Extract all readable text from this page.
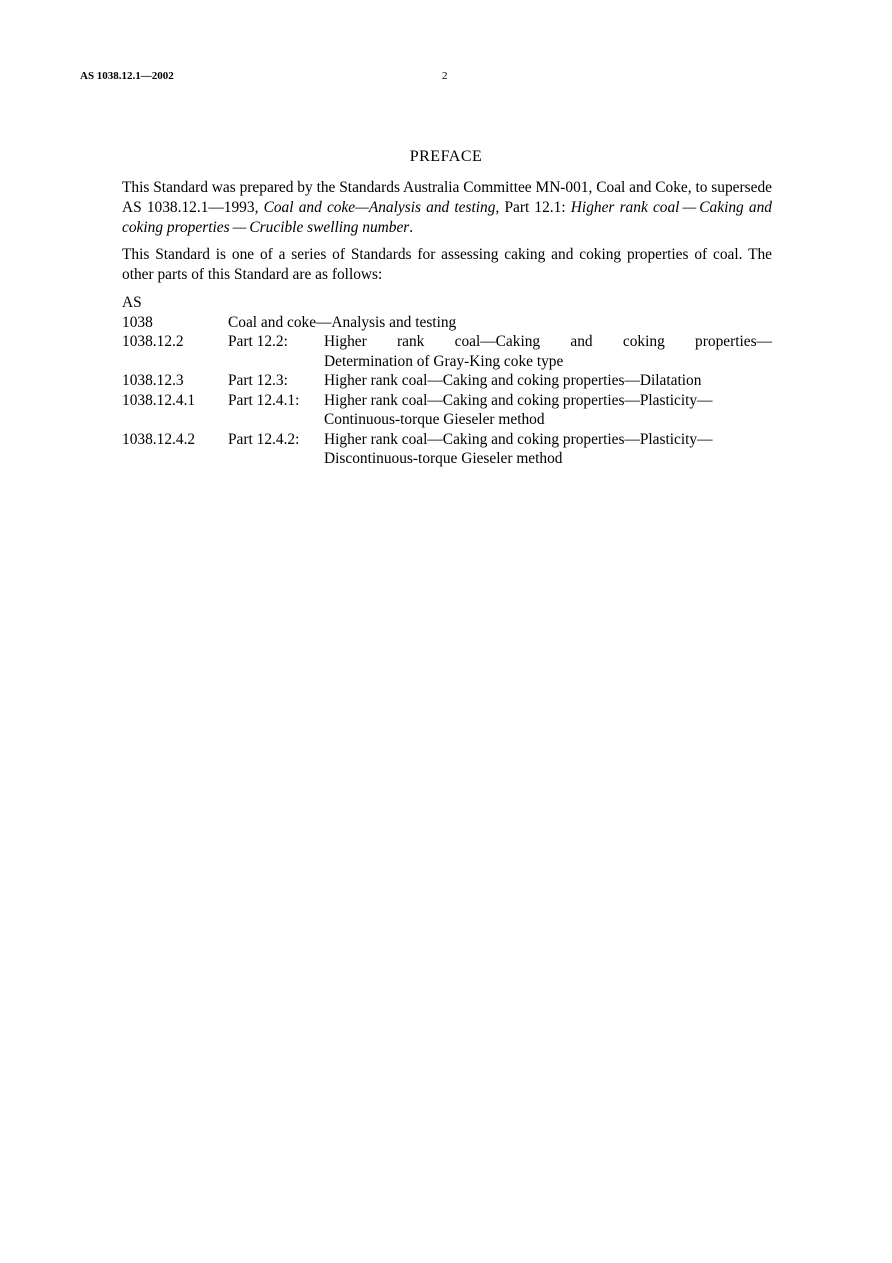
AS 1038.12.1—2002	2
PREFACE
This Standard was prepared by the Standards Australia Committee MN-001, Coal and Coke, to supersede AS 1038.12.1—1993, Coal and coke—Analysis and testing, Part 12.1: Higher rank coal — Caking and coking properties — Crucible swelling number.
This Standard is one of a series of Standards for assessing caking and coking properties of coal. The other parts of this Standard are as follows:
AS		
1038	Coal and coke—Analysis and testing	
1038.12.2	Part 12.2:	Higher rank coal—Caking and coking properties—
Determination of Gray-King coke type

1038.12.3	Part 12.3:	Higher rank coal—Caking and coking properties—Dilatation

1038.12.4.1	Part 12.4.1:	Higher rank coal—Caking and coking properties—Plasticity—
Continuous-torque Gieseler method

1038.12.4.2	Part 12.4.2:	Higher rank coal—Caking and coking properties—Plasticity—
Discontinuous-torque Gieseler method
